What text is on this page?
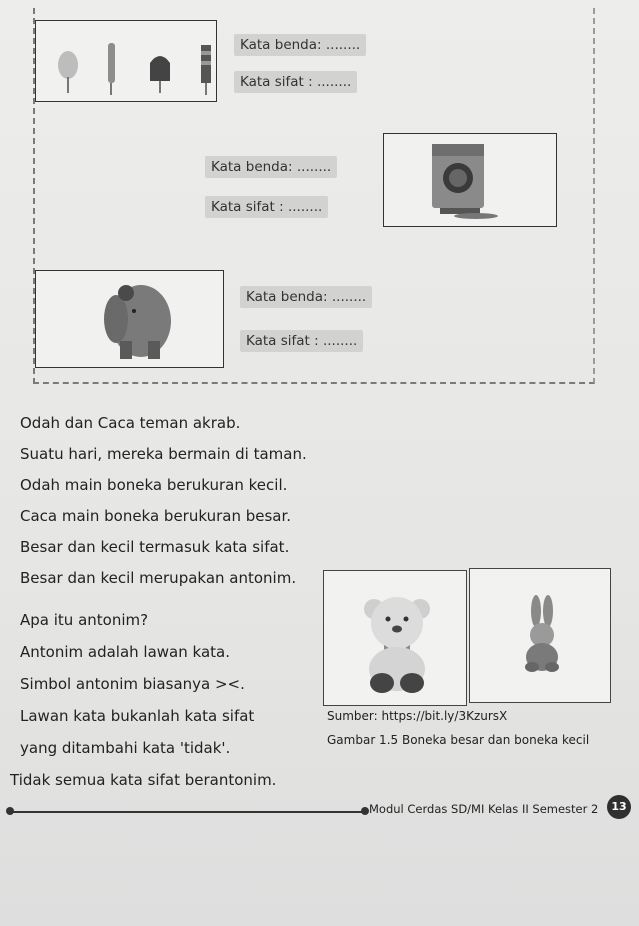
Kata benda: ........
Kata sifat : ........
Kata benda: ........
Kata sifat : ........
Kata benda: ........
Kata sifat : ........
Odah dan Caca teman akrab.
Suatu hari, mereka bermain di taman.
Odah main boneka berukuran kecil.
Caca main boneka berukuran besar.
Besar dan kecil termasuk kata sifat.
Besar dan kecil merupakan antonim.
Apa itu antonim?
Antonim adalah lawan kata.
Simbol antonim biasanya ><.
Lawan kata bukanlah kata sifat
yang ditambahi kata 'tidak'.
Tidak semua kata sifat berantonim.
Sumber: https://bit.ly/3KzursX
Gambar 1.5 Boneka besar dan boneka kecil
Modul Cerdas SD/MI Kelas II Semester 2	13
